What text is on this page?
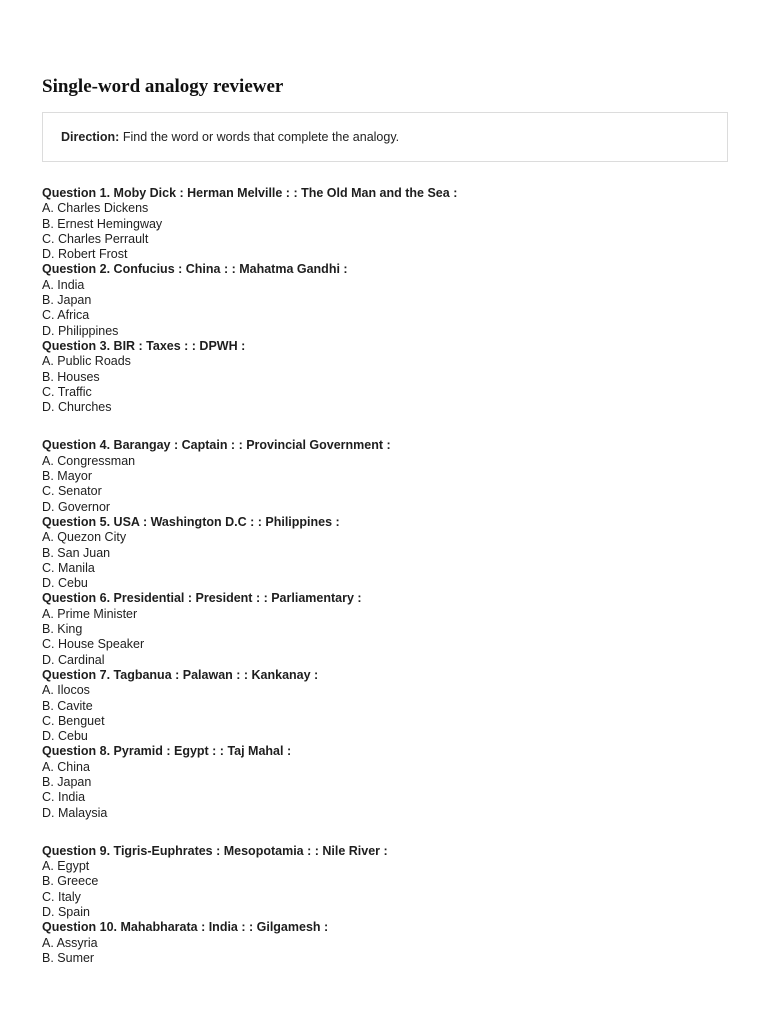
Single-word analogy reviewer
Direction: Find the word or words that complete the analogy.
Question 1. Moby Dick : Herman Melville : : The Old Man and the Sea :
A. Charles Dickens
B. Ernest Hemingway
C. Charles Perrault
D. Robert Frost
Question 2. Confucius : China : : Mahatma Gandhi :
A. India
B. Japan
C. Africa
D. Philippines
Question 3. BIR : Taxes : : DPWH :
A. Public Roads
B. Houses
C. Traffic
D. Churches
Question 4. Barangay : Captain : : Provincial Government :
A. Congressman
B. Mayor
C. Senator
D. Governor
Question 5. USA : Washington D.C : : Philippines :
A. Quezon City
B. San Juan
C. Manila
D. Cebu
Question 6. Presidential : President : : Parliamentary :
A. Prime Minister
B. King
C. House Speaker
D. Cardinal
Question 7. Tagbanua : Palawan : : Kankanay :
A. Ilocos
B. Cavite
C. Benguet
D. Cebu
Question 8. Pyramid : Egypt : : Taj Mahal :
A. China
B. Japan
C. India
D. Malaysia
Question 9. Tigris-Euphrates : Mesopotamia : : Nile River :
A. Egypt
B. Greece
C. Italy
D. Spain
Question 10. Mahabharata : India : : Gilgamesh :
A. Assyria
B. Sumer
